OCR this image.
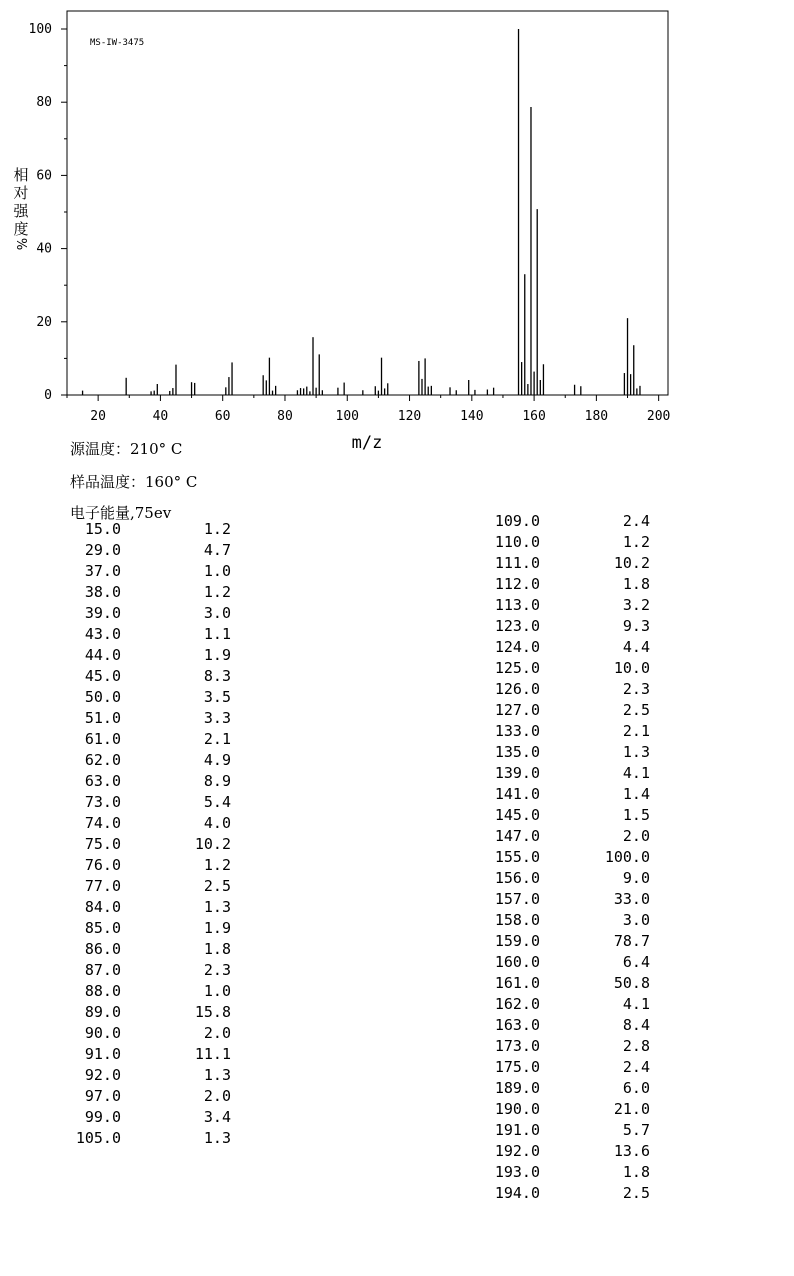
0
20
40
60
80
100
20	40	60	80	100	120	140	160	180	200
MS-IW-3475
m/z
相
对
强
度
%
源温度：210° C
样品温度：160° C
电子能量,75ev
15.0	1.2
29.0	4.7
37.0	1.0
38.0	1.2
39.0	3.0
43.0	1.1
44.0	1.9
45.0	8.3
50.0	3.5
51.0	3.3
61.0	2.1
62.0	4.9
63.0	8.9
73.0	5.4
74.0	4.0
75.0	10.2
76.0	1.2
77.0	2.5
84.0	1.3
85.0	1.9
86.0	1.8
87.0	2.3
88.0	1.0
89.0	15.8
90.0	2.0
91.0	11.1
92.0	1.3
97.0	2.0
99.0	3.4
105.0	1.3
109.0	2.4
110.0	1.2
111.0	10.2
112.0	1.8
113.0	3.2
123.0	9.3
124.0	4.4
125.0	10.0
126.0	2.3
127.0	2.5
133.0	2.1
135.0	1.3
139.0	4.1
141.0	1.4
145.0	1.5
147.0	2.0
155.0	100.0
156.0	9.0
157.0	33.0
158.0	3.0
159.0	78.7
160.0	6.4
161.0	50.8
162.0	4.1
163.0	8.4
173.0	2.8
175.0	2.4
189.0	6.0
190.0	21.0
191.0	5.7
192.0	13.6
193.0	1.8
194.0	2.5
